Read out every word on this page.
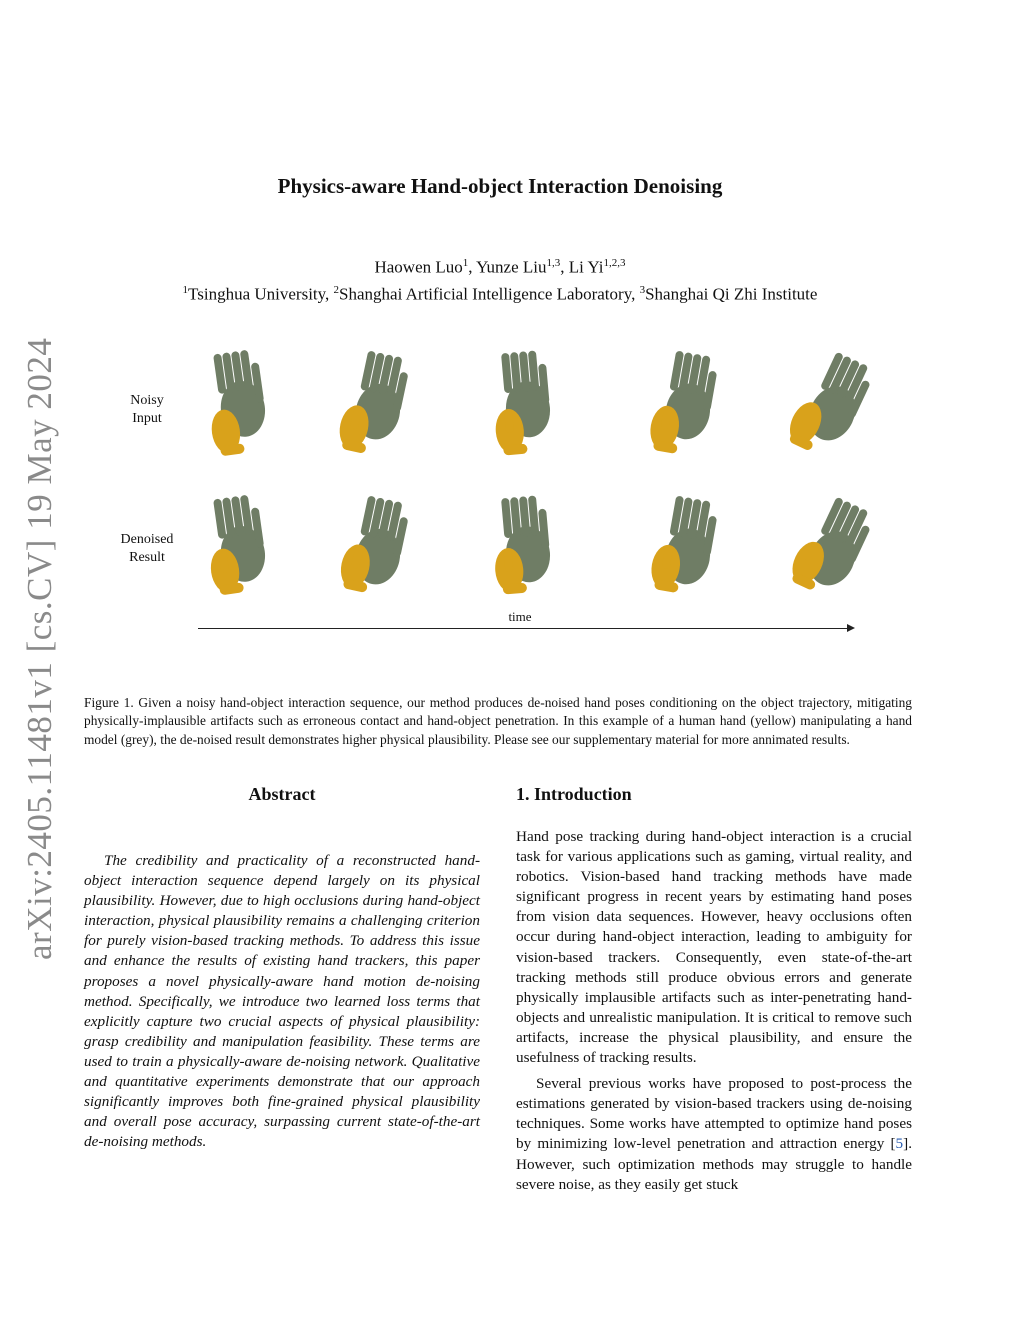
arXiv:2405.11481v1 [cs.CV] 19 May 2024
Physics-aware Hand-object Interaction Denoising
Haowen Luo$^1$, Yunze Liu$^{1,3}$, Li Yi$^{1,2,3}$
$^1$Tsinghua University, $^2$Shanghai Artificial Intelligence Laboratory, $^3$Shanghai Qi Zhi Institute
Noisy
Input
Denoised
Result
time
Figure 1. Given a noisy hand-object interaction sequence, our method produces de-noised hand poses conditioning on the object trajectory, mitigating physically-implausible artifacts such as erroneous contact and hand-object penetration. In this example of a human hand (yellow) manipulating a hand model (grey), the de-noised result demonstrates higher physical plausibility. Please see our supplementary material for more annimated results.
Abstract

The credibility and practicality of a reconstructed hand-object interaction sequence depend largely on its physical plausibility. However, due to high occlusions during hand-object interaction, physical plausibility remains a challenging criterion for purely vision-based tracking methods. To address this issue and enhance the results of existing hand trackers, this paper proposes a novel physically-aware hand motion de-noising method. Specifically, we introduce two learned loss terms that explicitly capture two crucial aspects of physical plausibility: grasp credibility and manipulation feasibility. These terms are used to train a physically-aware de-noising network. Qualitative and quantitative experiments demonstrate that our approach significantly improves both fine-grained physical plausibility and overall pose accuracy, surpassing current state-of-the-art de-noising methods.

1. Introduction

Hand pose tracking during hand-object interaction is a crucial task for various applications such as gaming, virtual reality, and robotics. Vision-based hand tracking methods have made significant progress in recent years by estimating hand poses from vision data sequences. However, heavy occlusions often occur during hand-object interaction, leading to ambiguity for vision-based trackers. Consequently, even state-of-the-art tracking methods still produce obvious errors and generate physically implausible artifacts such as inter-penetrating hand-objects and unrealistic manipulation. It is critical to remove such artifacts, increase the physical plausibility, and ensure the usefulness of tracking results.

Several previous works have proposed to post-process the estimations generated by vision-based trackers using de-noising techniques. Some works have attempted to optimize hand poses by minimizing low-level penetration and attraction energy [5]. However, such optimization methods may struggle to handle severe noise, as they easily get stuck
